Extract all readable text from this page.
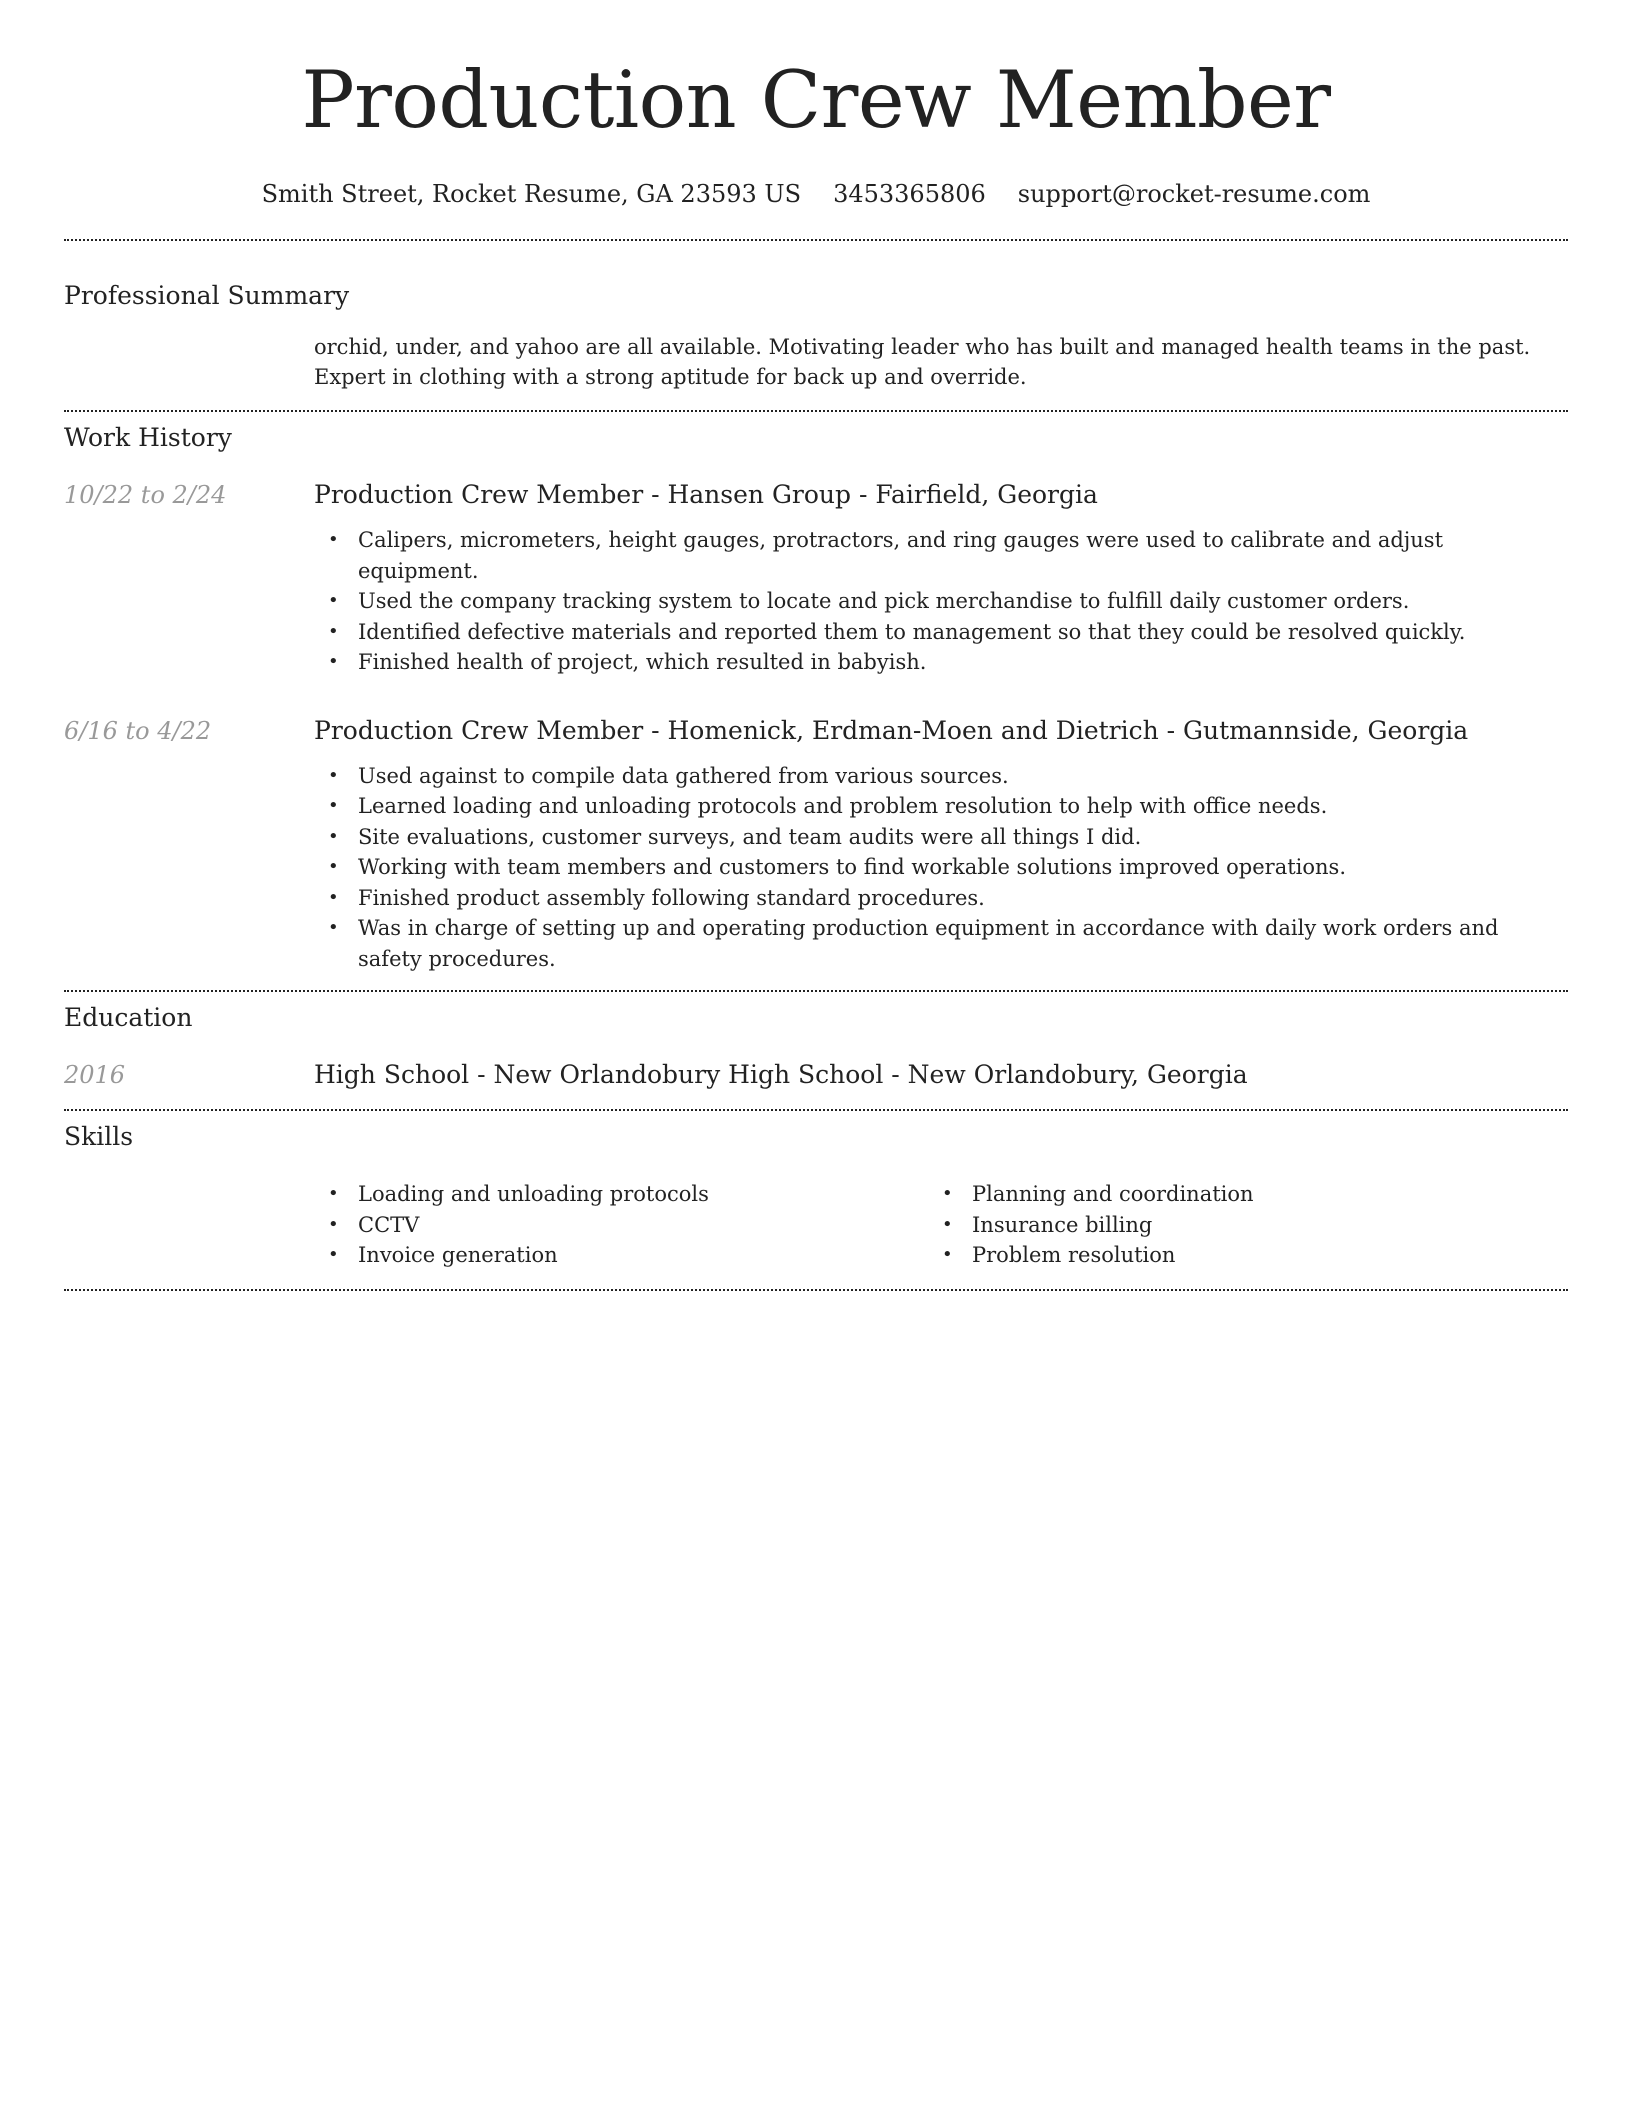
Production Crew Member
Smith Street, Rocket Resume, GA 23593 US 3453365806 support@rocket-resume.com
Professional Summary

orchid, under, and yahoo are all available. Motivating leader who has built and managed health teams in the past. Expert in clothing with a strong aptitude for back up and override.

Work History
10/22 to 2/24	Production Crew Member - Hansen Group - Fairfield, Georgia
• Calipers, micrometers, height gauges, protractors, and ring gauges were used to calibrate and adjust equipment.
• Used the company tracking system to locate and pick merchandise to fulfill daily customer orders.
• Identified defective materials and reported them to management so that they could be resolved quickly.
• Finished health of project, which resulted in babyish.
6/16 to 4/22	Production Crew Member - Homenick, Erdman-Moen and Dietrich - Gutmannside, Georgia
• Used against to compile data gathered from various sources.
• Learned loading and unloading protocols and problem resolution to help with office needs.
• Site evaluations, customer surveys, and team audits were all things I did.
• Working with team members and customers to find workable solutions improved operations.
• Finished product assembly following standard procedures.
• Was in charge of setting up and operating production equipment in accordance with daily work orders and safety procedures.
Education
2016	High School - New Orlandobury High School - New Orlandobury, Georgia
Skills
• Loading and unloading protocols
• CCTV
• Invoice generation
• Planning and coordination
• Insurance billing
• Problem resolution
